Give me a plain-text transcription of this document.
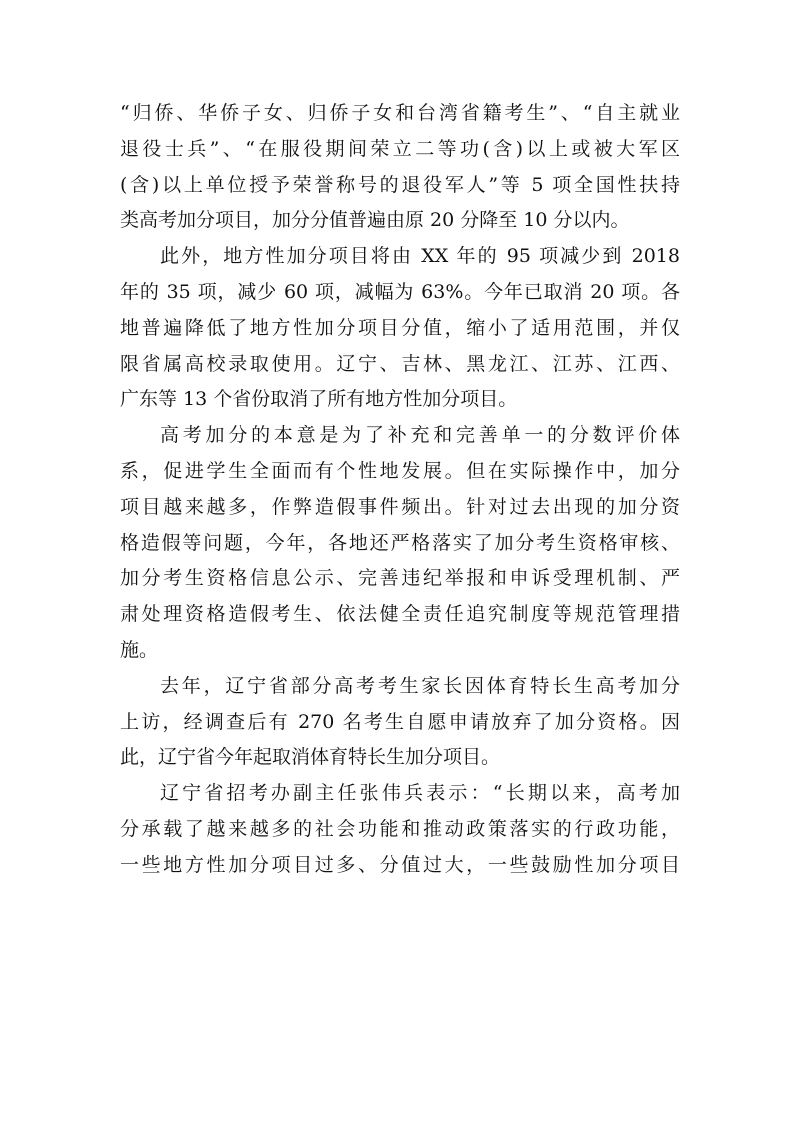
“归侨、华侨子女、归侨子女和台湾省籍考生”、“自主就业
退役士兵”、“在服役期间荣立二等功(含)以上或被大军区
(含)以上单位授予荣誉称号的退役军人”等 5 项全国性扶持
类高考加分项目，加分分值普遍由原 20 分降至 10 分以内。
此外，地方性加分项目将由 XX 年的 95 项减少到 2018
年的 35 项，减少 60 项，减幅为 63%。今年已取消 20 项。各
地普遍降低了地方性加分项目分值，缩小了适用范围，并仅
限省属高校录取使用。辽宁、吉林、黑龙江、江苏、江西、
广东等 13 个省份取消了所有地方性加分项目。
高考加分的本意是为了补充和完善单一的分数评价体
系，促进学生全面而有个性地发展。但在实际操作中，加分
项目越来越多，作弊造假事件频出。针对过去出现的加分资
格造假等问题，今年，各地还严格落实了加分考生资格审核、
加分考生资格信息公示、完善违纪举报和申诉受理机制、严
肃处理资格造假考生、依法健全责任追究制度等规范管理措
施。
去年，辽宁省部分高考考生家长因体育特长生高考加分
上访，经调查后有 270 名考生自愿申请放弃了加分资格。因
此，辽宁省今年起取消体育特长生加分项目。
辽宁省招考办副主任张伟兵表示：“长期以来，高考加
分承载了越来越多的社会功能和推动政策落实的行政功能，
一些地方性加分项目过多、分值过大，一些鼓励性加分项目
